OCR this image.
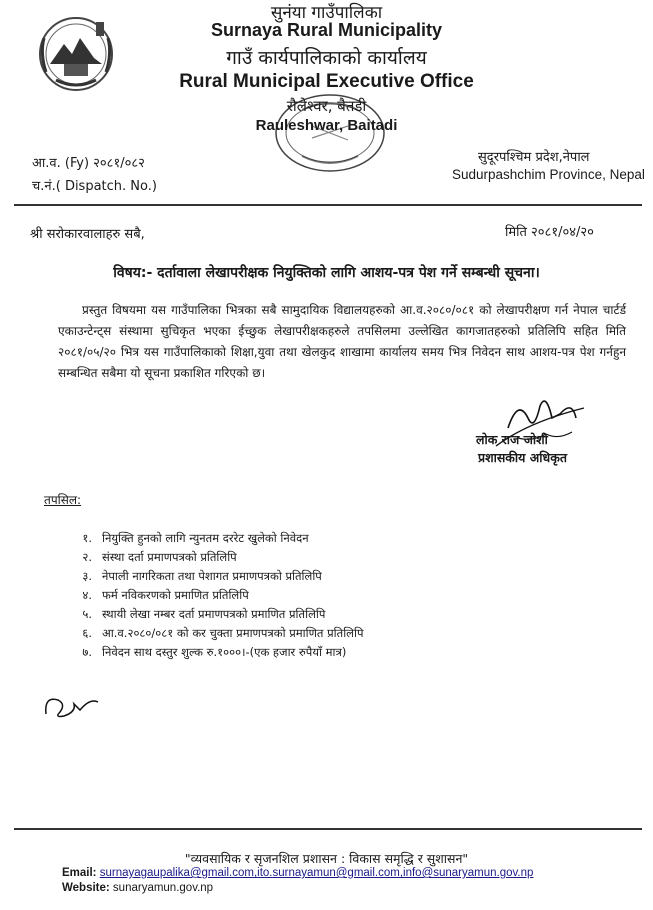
सुनंया गाउँपालिका
Surnaya Rural Municipality
गाउँ कार्यपालिकाको कार्यालय
Rural Municipal Executive Office
रौलेश्वर, बैतडी
Rauleshwar, Baitadi
आ.व. (Fy) २०८१/०८२
च.नं.( Dispatch. No.)
सुदूरपश्चिम प्रदेश,नेपाल
Sudurpashchim Province, Nepal
श्री सरोकारवालाहरु सबै,	मिति २०८१/०४/२०
विषय:- दर्तावाला लेखापरीक्षक नियुक्तिको लागि आशय-पत्र पेश गर्ने सम्बन्धी सूचना।
प्रस्तुत विषयमा यस गाउँपालिका भित्रका सबै सामुदायिक विद्यालयहरुको आ.व.२०८०/०८१ को लेखापरीक्षण गर्न नेपाल चार्टर्ड एकाउन्टेन्ट्स संस्थामा सुचिकृत भएका ईच्छुक लेखापरीक्षकहरुले तपसिलमा उल्लेखित कागजातहरुको प्रतिलिपि सहित मिति २०८१/०५/२० भित्र यस गाउँपालिकाको शिक्षा,युवा तथा खेलकुद शाखामा कार्यालय समय भित्र निवेदन साथ आशय-पत्र पेश गर्नहुन सम्बन्धित सबैमा यो सूचना प्रकाशित गरिएको छ।
लोक राज जोशी
प्रशासकीय अधिकृत
तपसिल:
१. नियुक्ति हुनको लागि न्युनतम दररेट खुलेको निवेदन
२. संस्था दर्ता प्रमाणपत्रको प्रतिलिपि
३. नेपाली नागरिकता तथा पेशागत प्रमाणपत्रको प्रतिलिपि
४. फर्म नविकरणको प्रमाणित प्रतिलिपि
५. स्थायी लेखा नम्बर दर्ता प्रमाणपत्रको प्रमाणित प्रतिलिपि
६. आ.व.२०८०/०८१ को कर चुक्ता प्रमाणपत्रको प्रमाणित प्रतिलिपि
७. निवेदन साथ दस्तुर शुल्क रु.१०००।-(एक हजार रुपैयाँ मात्र)
"व्यवसायिक र सृजनशिल प्रशासन : विकास समृद्धि र सुशासन"
Email: surnayagaupalika@gmail.com,ito.surnayamun@gmail.com,info@sunaryamun.gov.np
Website: sunaryamun.gov.np
